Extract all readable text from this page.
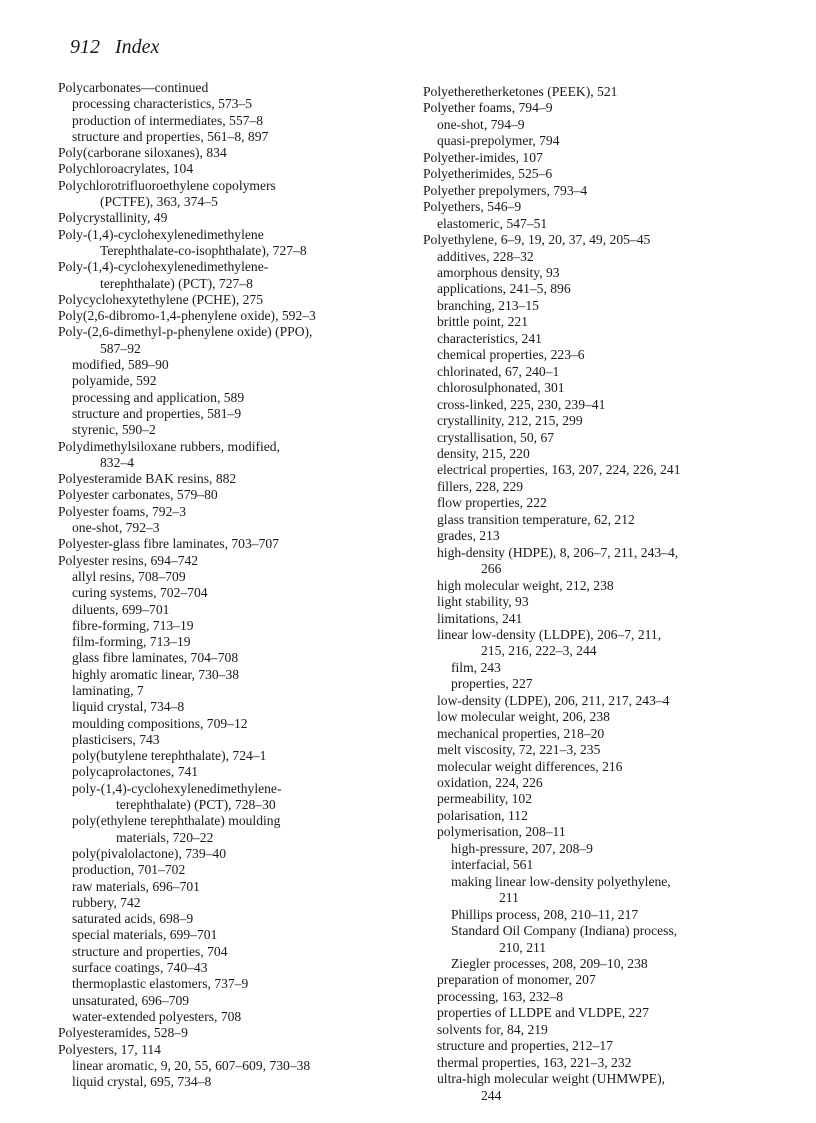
912 Index
Polycarbonates—continued
processing characteristics, 573–5
production of intermediates, 557–8
structure and properties, 561–8, 897
Poly(carborane siloxanes), 834
Polychloroacrylates, 104
Polychlorotrifluoroethylene copolymers
(PCTFE), 363, 374–5
Polycrystallinity, 49
Poly-(1,4)-cyclohexylenedimethylene
Terephthalate-co-isophthalate), 727–8
Poly-(1,4)-cyclohexylenedimethylene-
terephthalate) (PCT), 727–8
Polycyclohexytethylene (PCHE), 275
Poly(2,6-dibromo-1,4-phenylene oxide), 592–3
Poly-(2,6-dimethyl-p-phenylene oxide) (PPO),
587–92
modified, 589–90
polyamide, 592
processing and application, 589
structure and properties, 581–9
styrenic, 590–2
Polydimethylsiloxane rubbers, modified,
832–4
Polyesteramide BAK resins, 882
Polyester carbonates, 579–80
Polyester foams, 792–3
one-shot, 792–3
Polyester-glass fibre laminates, 703–707
Polyester resins, 694–742
allyl resins, 708–709
curing systems, 702–704
diluents, 699–701
fibre-forming, 713–19
film-forming, 713–19
glass fibre laminates, 704–708
highly aromatic linear, 730–38
laminating, 7
liquid crystal, 734–8
moulding compositions, 709–12
plasticisers, 743
poly(butylene terephthalate), 724–1
polycaprolactones, 741
poly-(1,4)-cyclohexylenedimethylene-
terephthalate) (PCT), 728–30
poly(ethylene terephthalate) moulding
materials, 720–22
poly(pivalolactone), 739–40
production, 701–702
raw materials, 696–701
rubbery, 742
saturated acids, 698–9
special materials, 699–701
structure and properties, 704
surface coatings, 740–43
thermoplastic elastomers, 737–9
unsaturated, 696–709
water-extended polyesters, 708
Polyesteramides, 528–9
Polyesters, 17, 114
linear aromatic, 9, 20, 55, 607–609, 730–38
liquid crystal, 695, 734–8
Polyetheretherketones (PEEK), 521
Polyether foams, 794–9
one-shot, 794–9
quasi-prepolymer, 794
Polyether-imides, 107
Polyetherimides, 525–6
Polyether prepolymers, 793–4
Polyethers, 546–9
elastomeric, 547–51
Polyethylene, 6–9, 19, 20, 37, 49, 205–45
additives, 228–32
amorphous density, 93
applications, 241–5, 896
branching, 213–15
brittle point, 221
characteristics, 241
chemical properties, 223–6
chlorinated, 67, 240–1
chlorosulphonated, 301
cross-linked, 225, 230, 239–41
crystallinity, 212, 215, 299
crystallisation, 50, 67
density, 215, 220
electrical properties, 163, 207, 224, 226, 241
fillers, 228, 229
flow properties, 222
glass transition temperature, 62, 212
grades, 213
high-density (HDPE), 8, 206–7, 211, 243–4,
266
high molecular weight, 212, 238
light stability, 93
limitations, 241
linear low-density (LLDPE), 206–7, 211,
215, 216, 222–3, 244
film, 243
properties, 227
low-density (LDPE), 206, 211, 217, 243–4
low molecular weight, 206, 238
mechanical properties, 218–20
melt viscosity, 72, 221–3, 235
molecular weight differences, 216
oxidation, 224, 226
permeability, 102
polarisation, 112
polymerisation, 208–11
high-pressure, 207, 208–9
interfacial, 561
making linear low-density polyethylene,
211
Phillips process, 208, 210–11, 217
Standard Oil Company (Indiana) process,
210, 211
Ziegler processes, 208, 209–10, 238
preparation of monomer, 207
processing, 163, 232–8
properties of LLDPE and VLDPE, 227
solvents for, 84, 219
structure and properties, 212–17
thermal properties, 163, 221–3, 232
ultra-high molecular weight (UHMWPE),
244
